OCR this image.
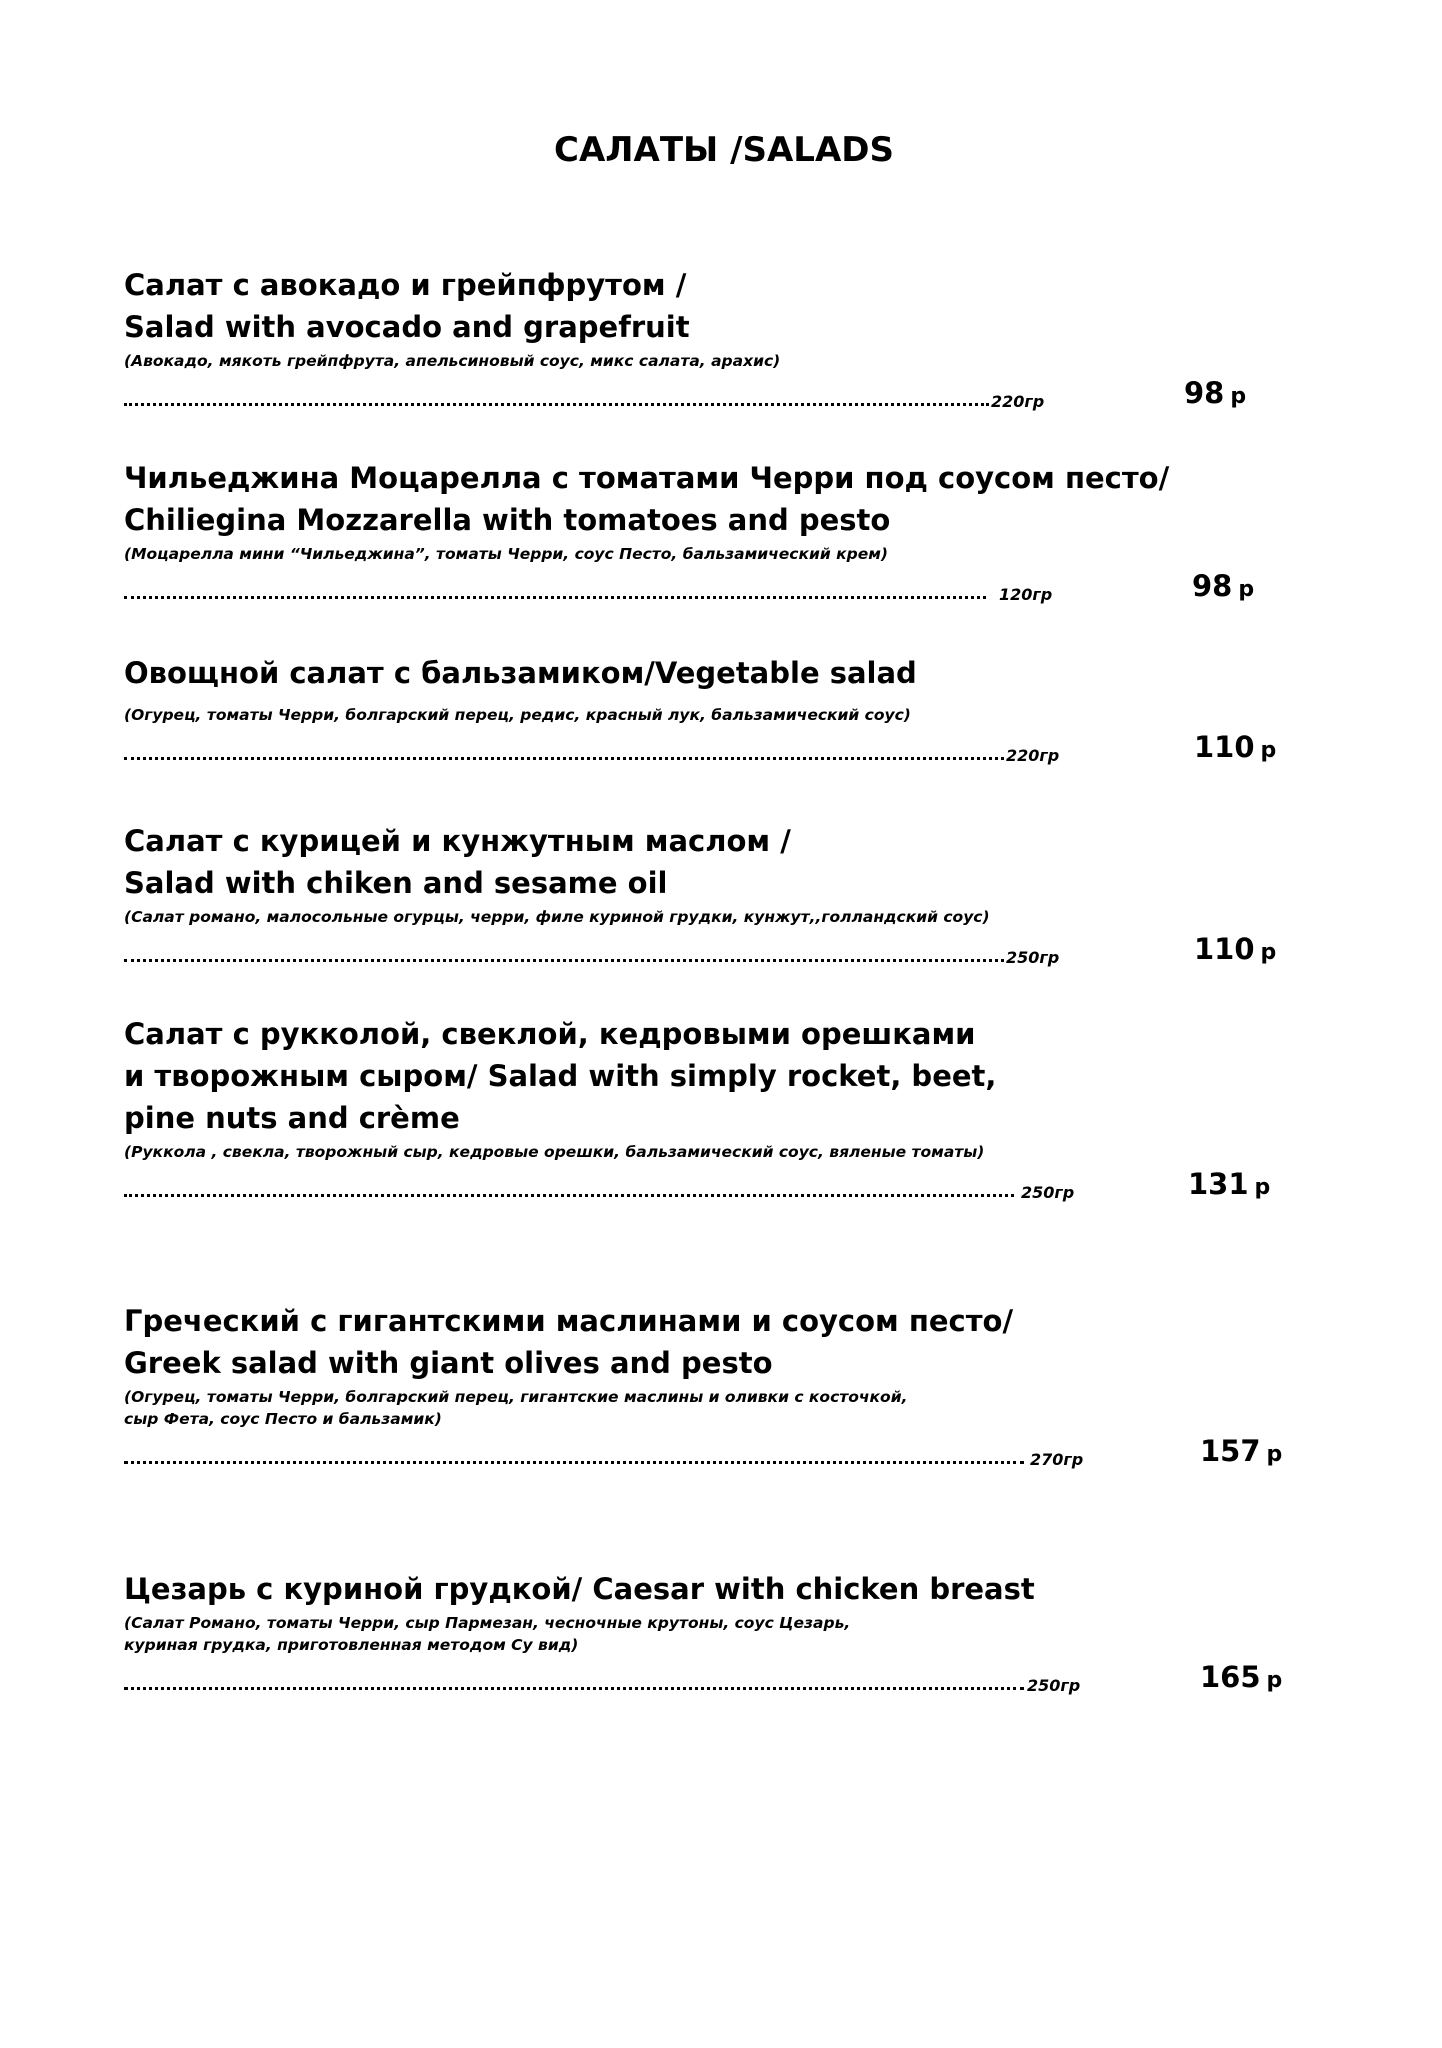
САЛАТЫ /SALADS
Салат с авокадо и грейпфрутом /
Salad with avocado and grapefruit
(Авокадо, мякоть грейпфрута, апельсиновый соус, микс салата, арахис)
220гр	98 р
Чильеджина Моцарелла с томатами Черри под соусом песто/
Chiliegina Mozzarella with tomatoes and pesto
(Моцарелла мини “Чильеджина”, томаты Черри, соус Песто, бальзамический крем)
120гр	98 р
Овощной салат с бальзамиком/Vegetable salad
(Огурец, томаты Черри, болгарский перец, редис, красный лук, бальзамический соус)
220гр	110 р
Салат с курицей и кунжутным маслом /
Salad with chiken and sesame oil
(Салат романо, малосольные огурцы, черри, филе куриной грудки, кунжут,,голландский соус)
250гр	110 р
Салат с рукколой, свеклой, кедровыми орешками
и творожным сыром/ Salad with simply rocket, beet,
pine nuts and crème
(Руккола , свекла, творожный сыр, кедровые орешки, бальзамический соус, вяленые томаты)
250гр	131 р
Греческий с гигантскими маслинами и соусом песто/
Greek salad with giant olives and pesto
(Огурец, томаты Черри, болгарский перец, гигантские маслины и оливки с косточкой,
сыр Фета, соус Песто и бальзамик)
270гр	157 р
Цезарь с куриной грудкой/ Caesar with chicken breast
(Салат Романо, томаты Черри, сыр Пармезан, чесночные крутоны, соус Цезарь,
куриная грудка, приготовленная методом Су вид)
250гр	165 р
